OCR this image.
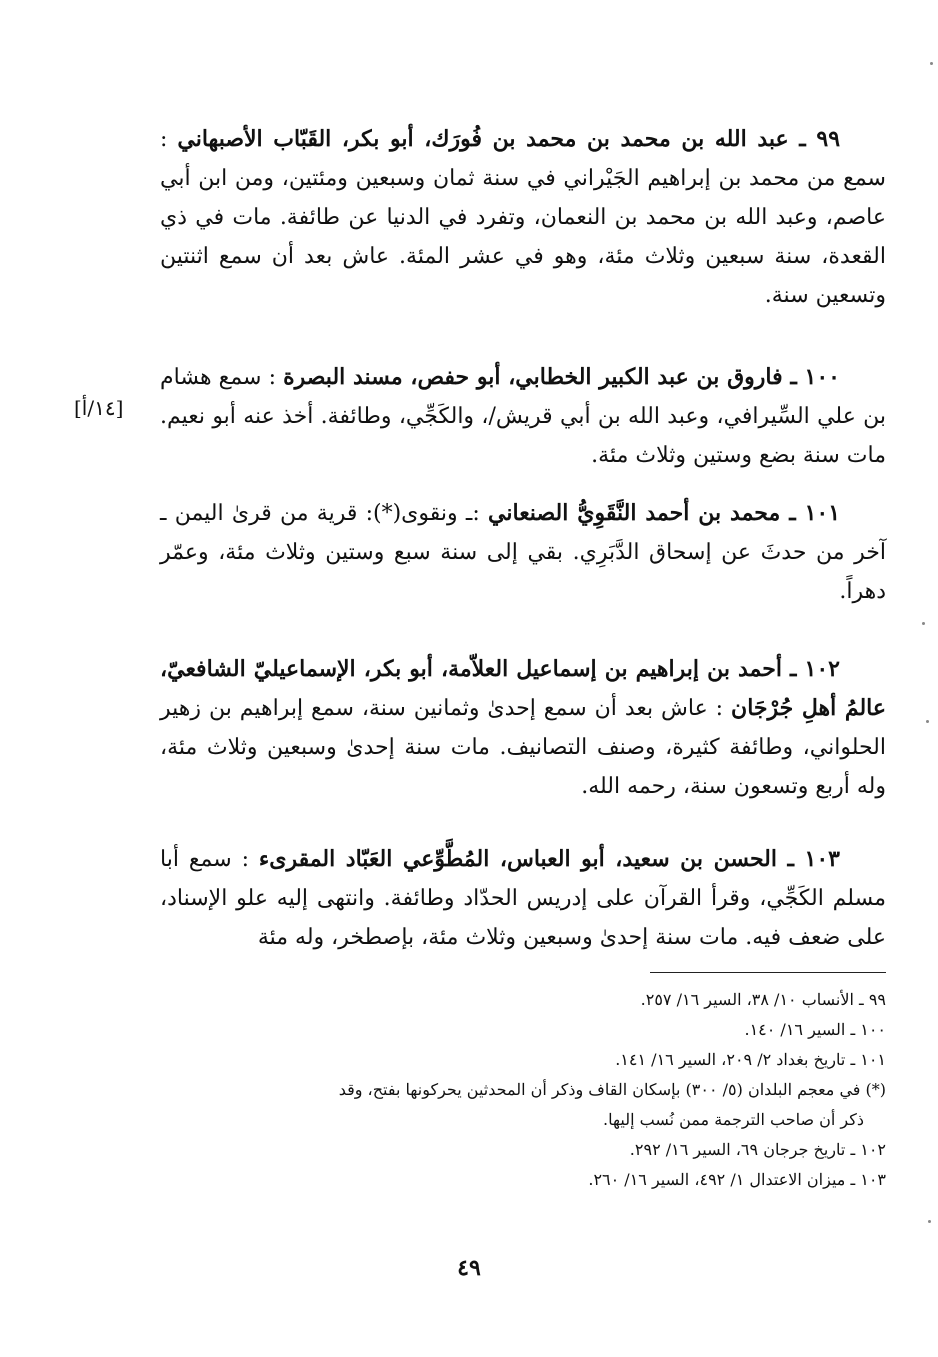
٩٩ ـ عبد الله بن محمد بن محمد بن فُورَك، أبو بكر، القَبّاب الأصبهاني : سمع من محمد بن إبراهيم الجَيْراني في سنة ثمان وسبعين ومئتين، ومن ابن أبي عاصم، وعبد الله بن محمد بن النعمان، وتفرد في الدنيا عن طائفة. مات في ذي القعدة، سنة سبعين وثلاث مئة، وهو في عشر المئة. عاش بعد أن سمع اثنتين وتسعين سنة.

١٠٠ ـ فاروق بن عبد الكبير الخطابي، أبو حفص، مسند البصرة : سمع هشام بن علي السِّيرافي، وعبد الله بن أبي قريش/، والكَجِّي، وطائفة. أخذ عنه أبو نعيم. مات سنة بضع وستين وثلاث مئة.

[١٤/أ]

١٠١ ـ محمد بن أحمد النَّقَوِيُّ الصنعاني :ـ ونقوى(*): قرية من قرىٰ اليمن ـ آخر من حدثَ عن إسحاق الدَّبَرِي. بقي إلى سنة سبع وستين وثلاث مئة، وعمّر دهراً.

١٠٢ ـ أحمد بن إبراهيم بن إسماعيل العلاّمة، أبو بكر، الإسماعيليّ الشافعيّ، عالمُ أهلِ جُرْجَان : عاش بعد أن سمع إحدىٰ وثمانين سنة، سمع إبراهيم بن زهير الحلواني، وطائفة كثيرة، وصنف التصانيف. مات سنة إحدىٰ وسبعين وثلاث مئة، وله أربع وتسعون سنة، رحمه الله.

١٠٣ ـ الحسن بن سعيد، أبو العباس، المُطَّوِّعي العَبّاد المقرىء : سمع أبا مسلم الكَجِّي، وقرأ القرآن على إدريس الحدّاد وطائفة. وانتهى إليه علو الإسناد، على ضعف فيه. مات سنة إحدىٰ وسبعين وثلاث مئة، بإصطخر، وله مئة

٩٩ ـ الأنساب ١٠/ ٣٨، السير ١٦/ ٢٥٧.

١٠٠ ـ السير ١٦/ ١٤٠.

١٠١ ـ تاريخ بغداد ٢/ ٢٠٩، السير ١٦/ ١٤١.

(*) في معجم البلدان (٥/ ٣٠٠) بإسكان القاف وذكر أن المحدثين يحركونها بفتح، وقد
ذكر أن صاحب الترجمة ممن نُسب إليها.

١٠٢ ـ تاريخ جرجان ٦٩، السير ١٦/ ٢٩٢.

١٠٣ ـ ميزان الاعتدال ١/ ٤٩٢، السير ١٦/ ٢٦٠.

٤٩
